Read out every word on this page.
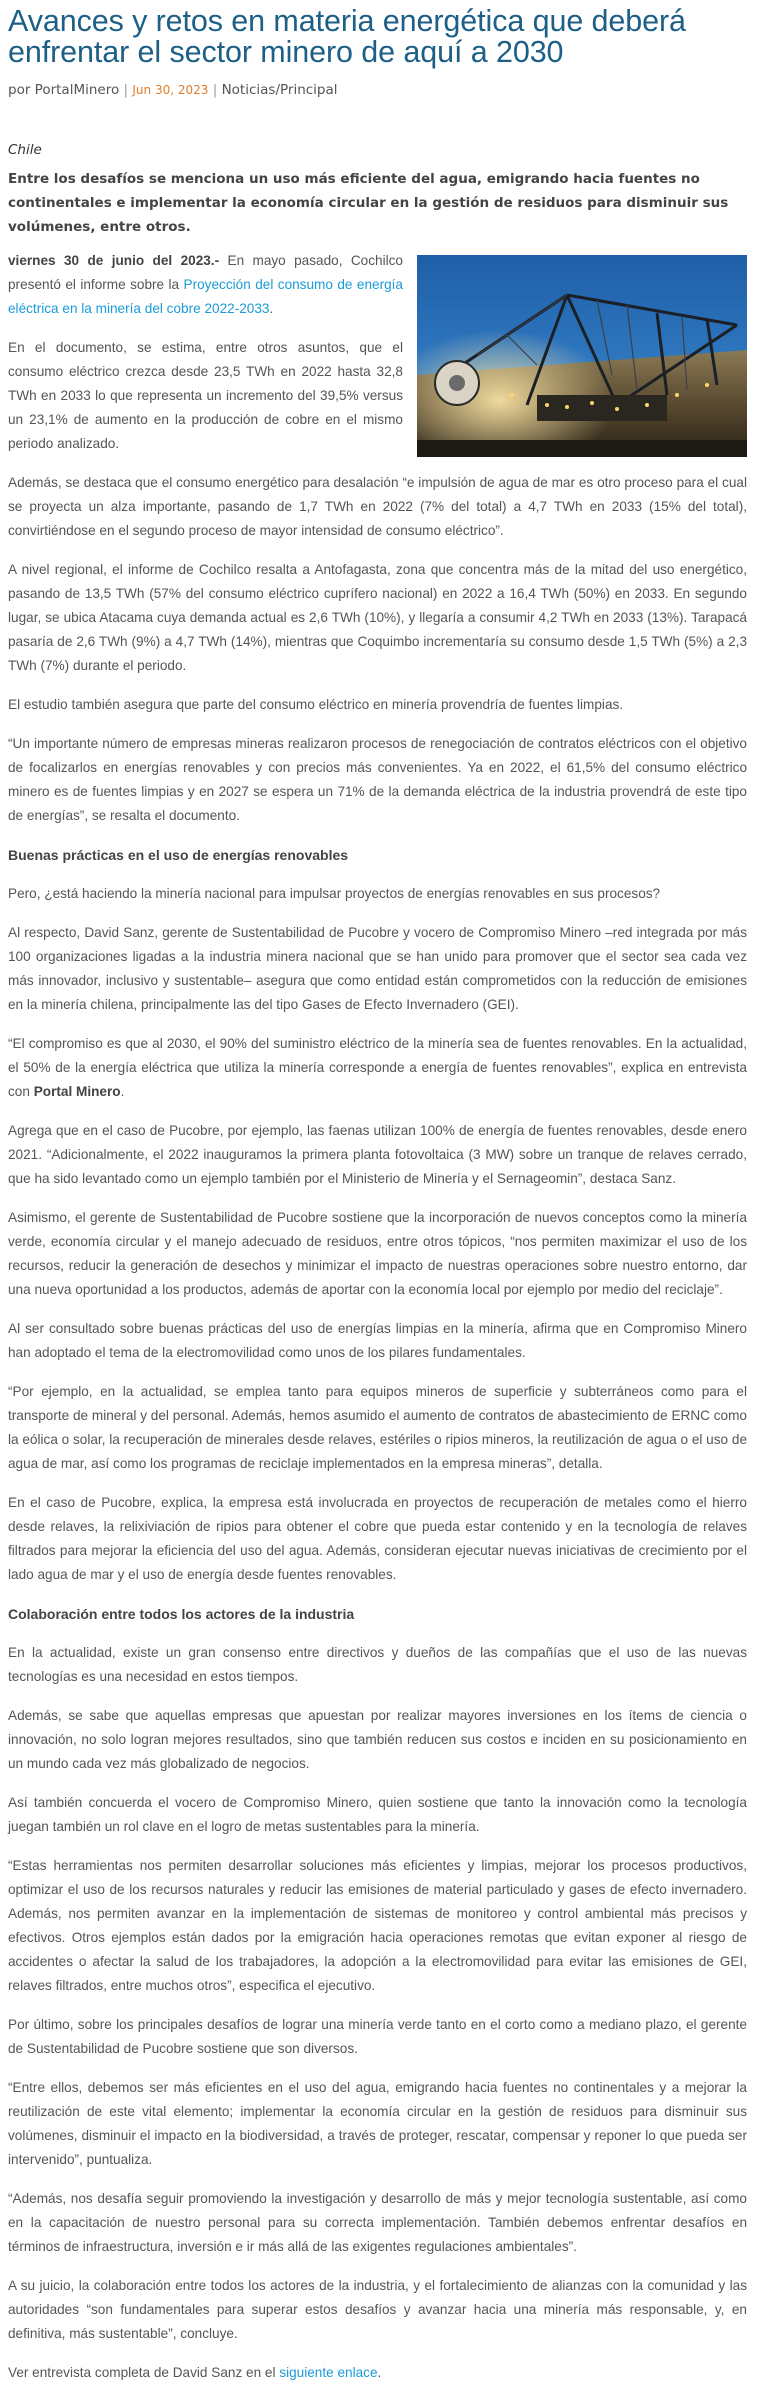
Avances y retos en materia energética que deberá enfrentar el sector minero de aquí a 2030
por PortalMinero | Jun 30, 2023 | Noticias/Principal
Chile
Entre los desafíos se menciona un uso más eficiente del agua, emigrando hacia fuentes no continentales e implementar la economía circular en la gestión de residuos para disminuir sus volúmenes, entre otros.

viernes 30 de junio del 2023.- En mayo pasado, Cochilco presentó el informe sobre la Proyección del consumo de energía eléctrica en la minería del cobre 2022-2033.

En el documento, se estima, entre otros asuntos, que el consumo eléctrico crezca desde 23,5 TWh en 2022 hasta 32,8 TWh en 2033 lo que representa un incremento del 39,5% versus un 23,1% de aumento en la producción de cobre en el mismo periodo analizado.

Además, se destaca que el consumo energético para desalación “e impulsión de agua de mar es otro proceso para el cual se proyecta un alza importante, pasando de 1,7 TWh en 2022 (7% del total) a 4,7 TWh en 2033 (15% del total), convirtiéndose en el segundo proceso de mayor intensidad de consumo eléctrico”.

A nivel regional, el informe de Cochilco resalta a Antofagasta, zona que concentra más de la mitad del uso energético, pasando de 13,5 TWh (57% del consumo eléctrico cuprífero nacional) en 2022 a 16,4 TWh (50%) en 2033. En segundo lugar, se ubica Atacama cuya demanda actual es 2,6 TWh (10%), y llegaría a consumir 4,2 TWh en 2033 (13%). Tarapacá pasaría de 2,6 TWh (9%) a 4,7 TWh (14%), mientras que Coquimbo incrementaría su consumo desde 1,5 TWh (5%) a 2,3 TWh (7%) durante el periodo.

El estudio también asegura que parte del consumo eléctrico en minería provendría de fuentes limpias.

“Un importante número de empresas mineras realizaron procesos de renegociación de contratos eléctricos con el objetivo de focalizarlos en energías renovables y con precios más convenientes. Ya en 2022, el 61,5% del consumo eléctrico minero es de fuentes limpias y en 2027 se espera un 71% de la demanda eléctrica de la industria provendrá de este tipo de energías”, se resalta el documento.

Buenas prácticas en el uso de energías renovables

Pero, ¿está haciendo la minería nacional para impulsar proyectos de energías renovables en sus procesos?

Al respecto, David Sanz, gerente de Sustentabilidad de Pucobre y vocero de Compromiso Minero –red integrada por más 100 organizaciones ligadas a la industria minera nacional que se han unido para promover que el sector sea cada vez más innovador, inclusivo y sustentable– asegura que como entidad están comprometidos con la reducción de emisiones en la minería chilena, principalmente las del tipo Gases de Efecto Invernadero (GEI).

“El compromiso es que al 2030, el 90% del suministro eléctrico de la minería sea de fuentes renovables. En la actualidad, el 50% de la energía eléctrica que utiliza la minería corresponde a energía de fuentes renovables”, explica en entrevista con Portal Minero.

Agrega que en el caso de Pucobre, por ejemplo, las faenas utilizan 100% de energía de fuentes renovables, desde enero 2021. “Adicionalmente, el 2022 inauguramos la primera planta fotovoltaica (3 MW) sobre un tranque de relaves cerrado, que ha sido levantado como un ejemplo también por el Ministerio de Minería y el Sernageomin”, destaca Sanz.

Asimismo, el gerente de Sustentabilidad de Pucobre sostiene que la incorporación de nuevos conceptos como la minería verde, economía circular y el manejo adecuado de residuos, entre otros tópicos, “nos permiten maximizar el uso de los recursos, reducir la generación de desechos y minimizar el impacto de nuestras operaciones sobre nuestro entorno, dar una nueva oportunidad a los productos, además de aportar con la economía local por ejemplo por medio del reciclaje”.

Al ser consultado sobre buenas prácticas del uso de energías limpias en la minería, afirma que en Compromiso Minero han adoptado el tema de la electromovilidad como unos de los pilares fundamentales.

“Por ejemplo, en la actualidad, se emplea tanto para equipos mineros de superficie y subterráneos como para el transporte de mineral y del personal. Además, hemos asumido el aumento de contratos de abastecimiento de ERNC como la eólica o solar, la recuperación de minerales desde relaves, estériles o ripios mineros, la reutilización de agua o el uso de agua de mar, así como los programas de reciclaje implementados en la empresa mineras”, detalla.

En el caso de Pucobre, explica, la empresa está involucrada en proyectos de recuperación de metales como el hierro desde relaves, la relixiviación de ripios para obtener el cobre que pueda estar contenido y en la tecnología de relaves filtrados para mejorar la eficiencia del uso del agua. Además, consideran ejecutar nuevas iniciativas de crecimiento por el lado agua de mar y el uso de energía desde fuentes renovables.

Colaboración entre todos los actores de la industria

En la actualidad, existe un gran consenso entre directivos y dueños de las compañías que el uso de las nuevas tecnologías es una necesidad en estos tiempos.

Además, se sabe que aquellas empresas que apuestan por realizar mayores inversiones en los ítems de ciencia o innovación, no solo logran mejores resultados, sino que también reducen sus costos e inciden en su posicionamiento en un mundo cada vez más globalizado de negocios.

Así también concuerda el vocero de Compromiso Minero, quien sostiene que tanto la innovación como la tecnología juegan también un rol clave en el logro de metas sustentables para la minería.

“Estas herramientas nos permiten desarrollar soluciones más eficientes y limpias, mejorar los procesos productivos, optimizar el uso de los recursos naturales y reducir las emisiones de material particulado y gases de efecto invernadero. Además, nos permiten avanzar en la implementación de sistemas de monitoreo y control ambiental más precisos y efectivos. Otros ejemplos están dados por la emigración hacia operaciones remotas que evitan exponer al riesgo de accidentes o afectar la salud de los trabajadores, la adopción a la electromovilidad para evitar las emisiones de GEI, relaves filtrados, entre muchos otros”, especifica el ejecutivo.

Por último, sobre los principales desafíos de lograr una minería verde tanto en el corto como a mediano plazo, el gerente de Sustentabilidad de Pucobre sostiene que son diversos.

“Entre ellos, debemos ser más eficientes en el uso del agua, emigrando hacia fuentes no continentales y a mejorar la reutilización de este vital elemento; implementar la economía circular en la gestión de residuos para disminuir sus volúmenes, disminuir el impacto en la biodiversidad, a través de proteger, rescatar, compensar y reponer lo que pueda ser intervenido”, puntualiza.

“Además, nos desafía seguir promoviendo la investigación y desarrollo de más y mejor tecnología sustentable, así como en la capacitación de nuestro personal para su correcta implementación. También debemos enfrentar desafíos en términos de infraestructura, inversión e ir más allá de las exigentes regulaciones ambientales”.

A su juicio, la colaboración entre todos los actores de la industria, y el fortalecimiento de alianzas con la comunidad y las autoridades “son fundamentales para superar estos desafíos y avanzar hacia una minería más responsable, y, en definitiva, más sustentable”, concluye.

Ver entrevista completa de David Sanz en el siguiente enlace.
